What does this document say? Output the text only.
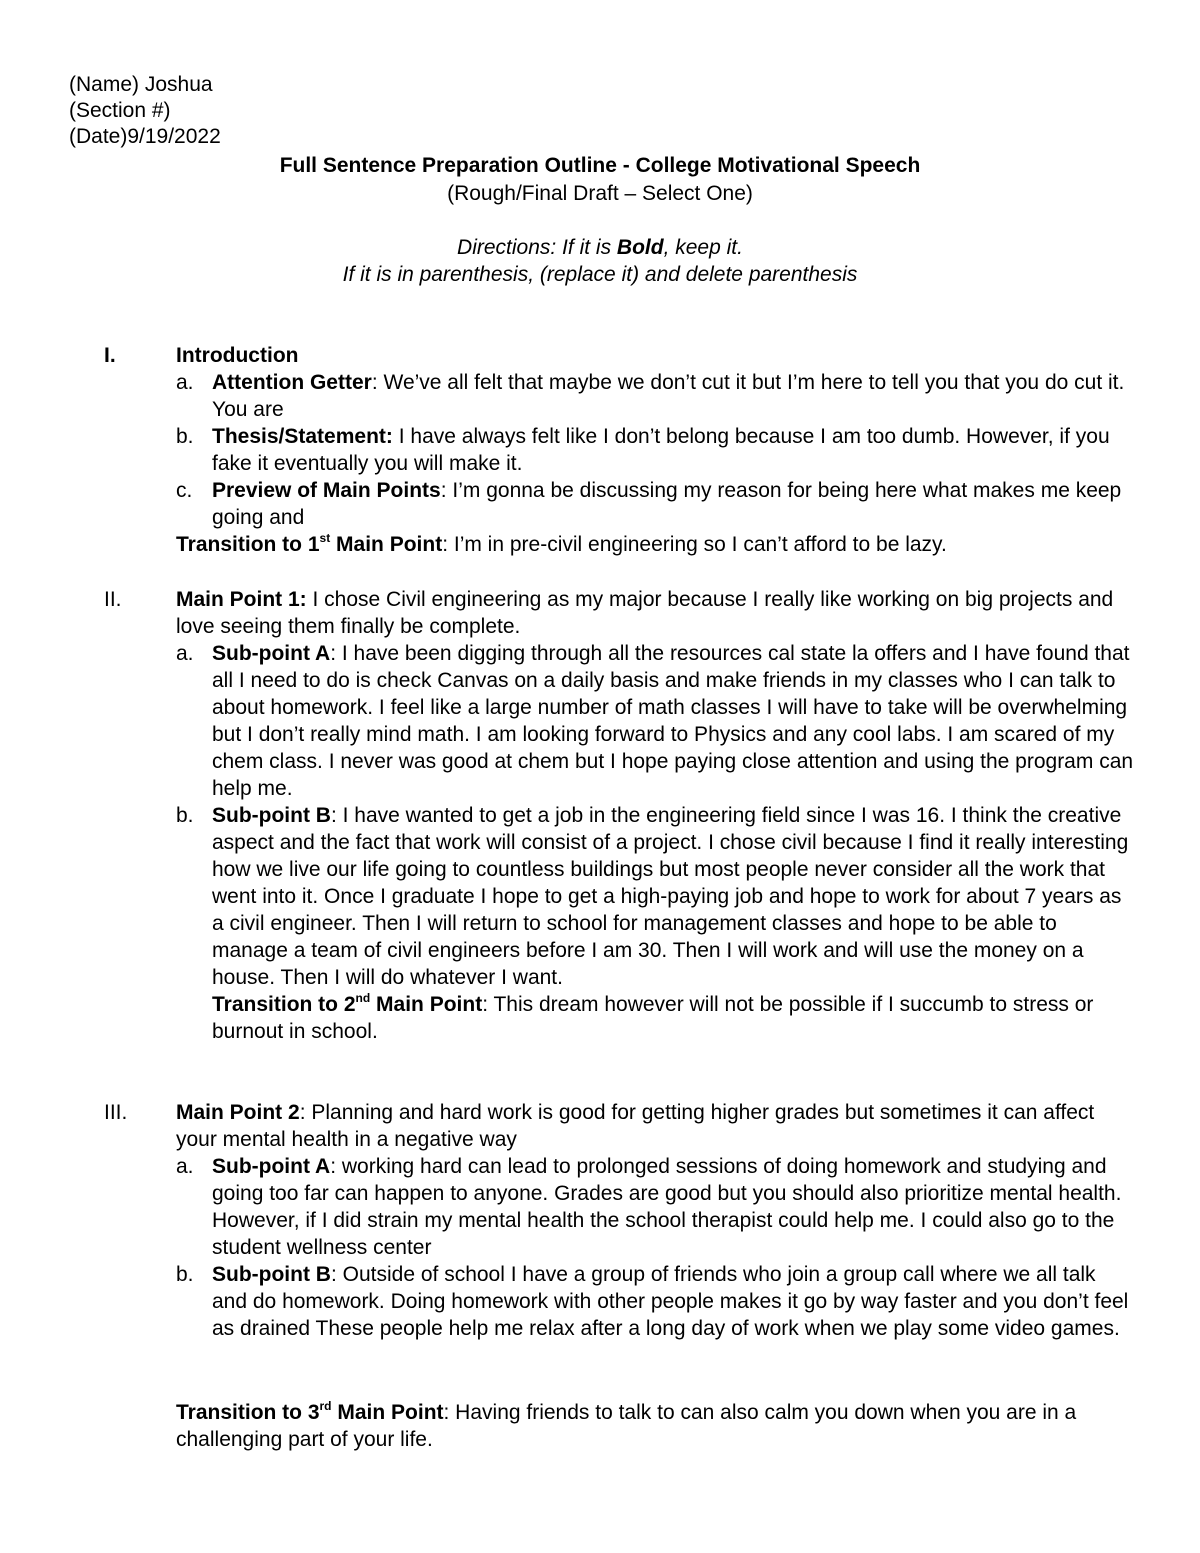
(Name) Joshua
(Section #)
(Date)9/19/2022
Full Sentence Preparation Outline - College Motivational Speech
(Rough/Final Draft – Select One)
Directions: If it is Bold, keep it.
If it is in parenthesis, (replace it) and delete parenthesis
I.	Introduction
a. Attention Getter: We’ve all felt that maybe we don’t cut it but I’m here to tell you that you do cut it. You are
b. Thesis/Statement: I have always felt like I don’t belong because I am too dumb. However, if you fake it eventually you will make it.
c. Preview of Main Points: I’m gonna be discussing my reason for being here what makes me keep going and
Transition to 1st Main Point: I’m in pre-civil engineering so I can’t afford to be lazy.
II.	Main Point 1: I chose Civil engineering as my major because I really like working on big projects and love seeing them finally be complete.
a. Sub-point A: I have been digging through all the resources cal state la offers and I have found that all I need to do is check Canvas on a daily basis and make friends in my classes who I can talk to about homework. I feel like a large number of math classes I will have to take will be overwhelming but I don’t really mind math. I am looking forward to Physics and any cool labs. I am scared of my chem class. I never was good at chem but I hope paying close attention and using the program can help me.
b. Sub-point B: I have wanted to get a job in the engineering field since I was 16. I think the creative aspect and the fact that work will consist of a project. I chose civil because I find it really interesting how we live our life going to countless buildings but most people never consider all the work that went into it. Once I graduate I hope to get a high-paying job and hope to work for about 7 years as a civil engineer. Then I will return to school for management classes and hope to be able to manage a team of civil engineers before I am 30. Then I will work and will use the money on a house. Then I will do whatever I want.
Transition to 2nd Main Point: This dream however will not be possible if I succumb to stress or burnout in school.
III. Main Point 2: Planning and hard work is good for getting higher grades but sometimes it can affect your mental health in a negative way
a. Sub-point A: working hard can lead to prolonged sessions of doing homework and studying and going too far can happen to anyone. Grades are good but you should also prioritize mental health. However, if I did strain my mental health the school therapist could help me. I could also go to the student wellness center
b. Sub-point B: Outside of school I have a group of friends who join a group call where we all talk and do homework. Doing homework with other people makes it go by way faster and you don’t feel as drained These people help me relax after a long day of work when we play some video games.
Transition to 3rd Main Point: Having friends to talk to can also calm you down when you are in a challenging part of your life.
